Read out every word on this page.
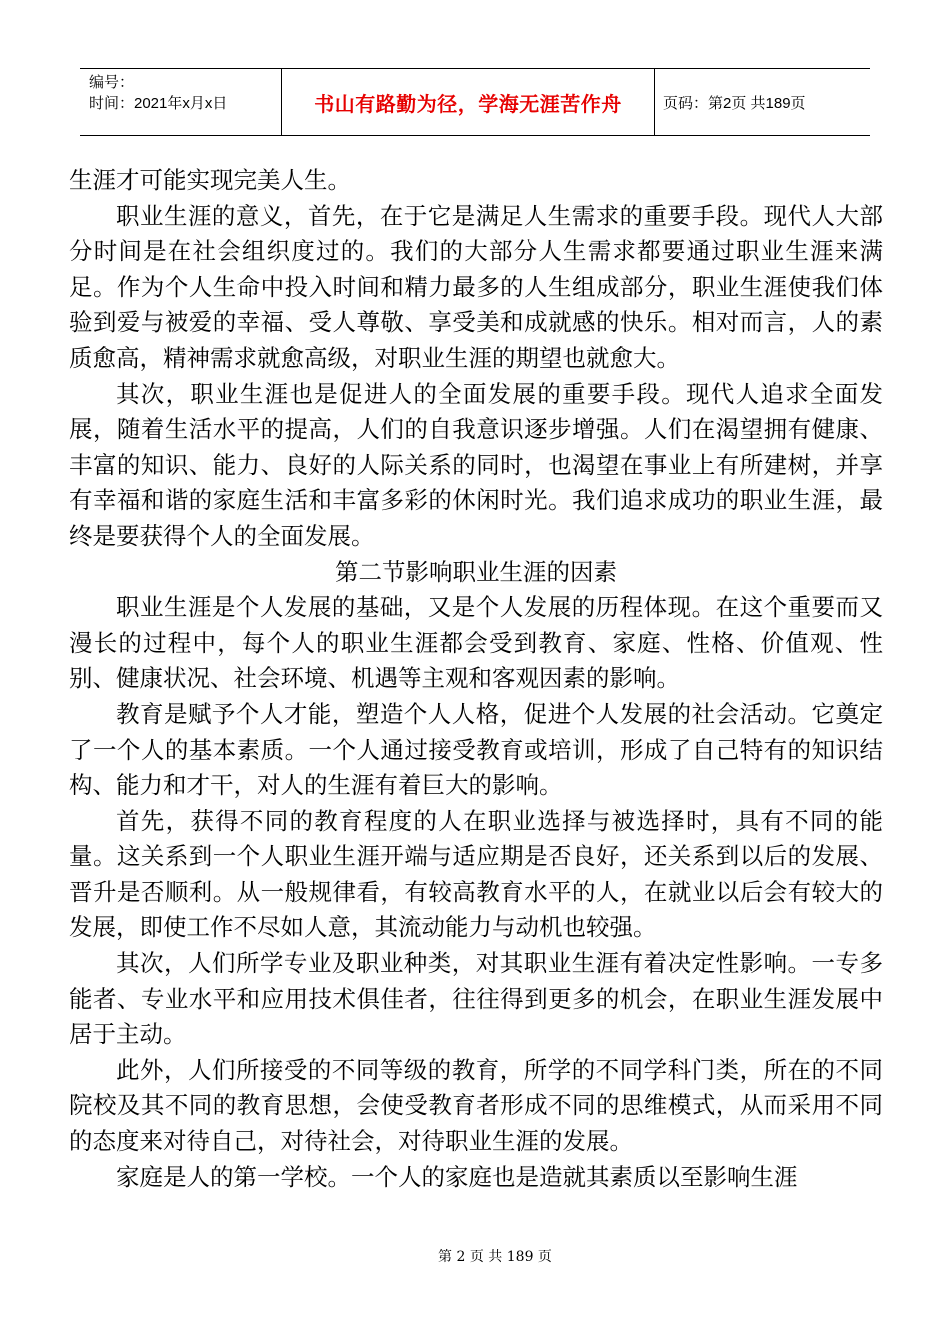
编号：
时间：2021年x月x日	书山有路勤为径，学海无涯苦作舟	页码：第2页 共189页

生涯才可能实现完美人生。

职业生涯的意义，首先，在于它是满足人生需求的重要手段。现代人大部分时间是在社会组织度过的。我们的大部分人生需求都要通过职业生涯来满足。作为个人生命中投入时间和精力最多的人生组成部分，职业生涯使我们体验到爱与被爱的幸福、受人尊敬、享受美和成就感的快乐。相对而言，人的素质愈高，精神需求就愈高级，对职业生涯的期望也就愈大。

其次，职业生涯也是促进人的全面发展的重要手段。现代人追求全面发展，随着生活水平的提高，人们的自我意识逐步增强。人们在渴望拥有健康、丰富的知识、能力、良好的人际关系的同时，也渴望在事业上有所建树，并享有幸福和谐的家庭生活和丰富多彩的休闲时光。我们追求成功的职业生涯，最终是要获得个人的全面发展。

第二节影响职业生涯的因素

职业生涯是个人发展的基础，又是个人发展的历程体现。在这个重要而又漫长的过程中，每个人的职业生涯都会受到教育、家庭、性格、价值观、性别、健康状况、社会环境、机遇等主观和客观因素的影响。

教育是赋予个人才能，塑造个人人格，促进个人发展的社会活动。它奠定了一个人的基本素质。一个人通过接受教育或培训，形成了自己特有的知识结构、能力和才干，对人的生涯有着巨大的影响。

首先，获得不同的教育程度的人在职业选择与被选择时，具有不同的能量。这关系到一个人职业生涯开端与适应期是否良好，还关系到以后的发展、晋升是否顺利。从一般规律看，有较高教育水平的人，在就业以后会有较大的发展，即使工作不尽如人意，其流动能力与动机也较强。

其次，人们所学专业及职业种类，对其职业生涯有着决定性影响。一专多能者、专业水平和应用技术俱佳者，往往得到更多的机会，在职业生涯发展中居于主动。

此外，人们所接受的不同等级的教育，所学的不同学科门类，所在的不同院校及其不同的教育思想，会使受教育者形成不同的思维模式，从而采用不同的态度来对待自己，对待社会，对待职业生涯的发展。

家庭是人的第一学校。一个人的家庭也是造就其素质以至影响生涯

第 2 页 共 189 页
